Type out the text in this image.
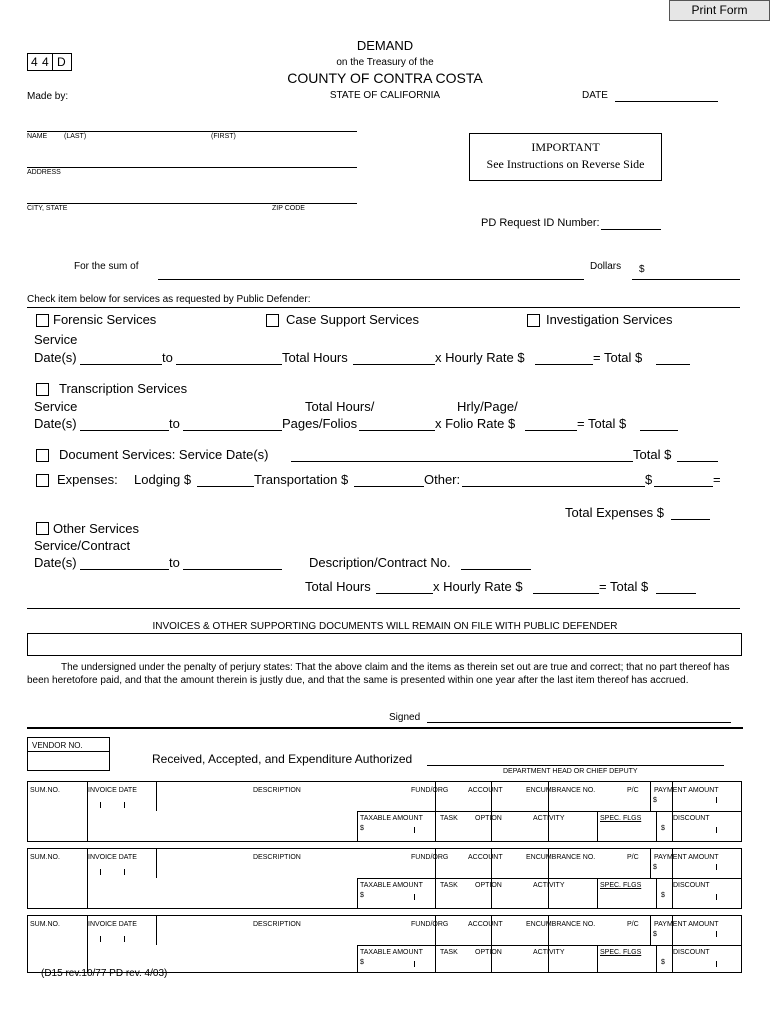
Print Form
4 4 D
DEMAND
on the Treasury of the
COUNTY OF CONTRA COSTA
STATE OF CALIFORNIA
Made by:	DATE
NAME (LAST)	(FIRST)
ADDRESS
CITY, STATE	ZIP CODE
IMPORTANT
See Instructions on Reverse Side
PD Request ID Number:
For the sum of	Dollars $
Check item below for services as requested by Public Defender:
Forensic Services	Case Support Services	Investigation Services
Service
Date(s)	to	Total Hours	x Hourly Rate $	= Total $
Transcription Services
Service	Total Hours/	Hrly/Page/
Date(s)	to	Pages/Folios	x Folio Rate $	= Total $
Document Services: Service Date(s)	Total $
Expenses: Lodging $	Transportation $	Other:	$	=
Total Expenses $
Other Services
Service/Contract
Date(s)	to	Description/Contract No.
Total Hours	x Hourly Rate $	= Total $
INVOICES & OTHER SUPPORTING DOCUMENTS WILL REMAIN ON FILE WITH PUBLIC DEFENDER
The undersigned under the penalty of perjury states: That the above claim and the items as therein set out are true and correct; that no part thereof has been heretofore paid, and that the amount therein is justly due, and that the same is presented within one year after the last item thereof has accrued.
Signed
VENDOR NO.
Received, Accepted, and Expenditure Authorized
DEPARTMENT HEAD OR CHIEF DEPUTY
SUM.NO.	INVOICE DATE	DESCRIPTION	FUND/ORG	ACCOUNT	ENCUMBRANCE NO.	P/C PAYMENT AMOUNT
$
TAXABLE AMOUNT
$
TASK OPTION	ACTIVITY	SPEC. FLGS	DISCOUNT
$
SUM.NO.	INVOICE DATE	DESCRIPTION	FUND/ORG	ACCOUNT	ENCUMBRANCE NO.	P/C PAYMENT AMOUNT
$
TAXABLE AMOUNT
$
TASK OPTION	ACTIVITY	SPEC. FLGS	DISCOUNT
$
SUM.NO.	INVOICE DATE	DESCRIPTION	FUND/ORG	ACCOUNT	ENCUMBRANCE NO.	P/C PAYMENT AMOUNT
$
TAXABLE AMOUNT
$
TASK OPTION	ACTIVITY	SPEC. FLGS	DISCOUNT
$
(D15 rev.10/77 PD rev. 4/03)
